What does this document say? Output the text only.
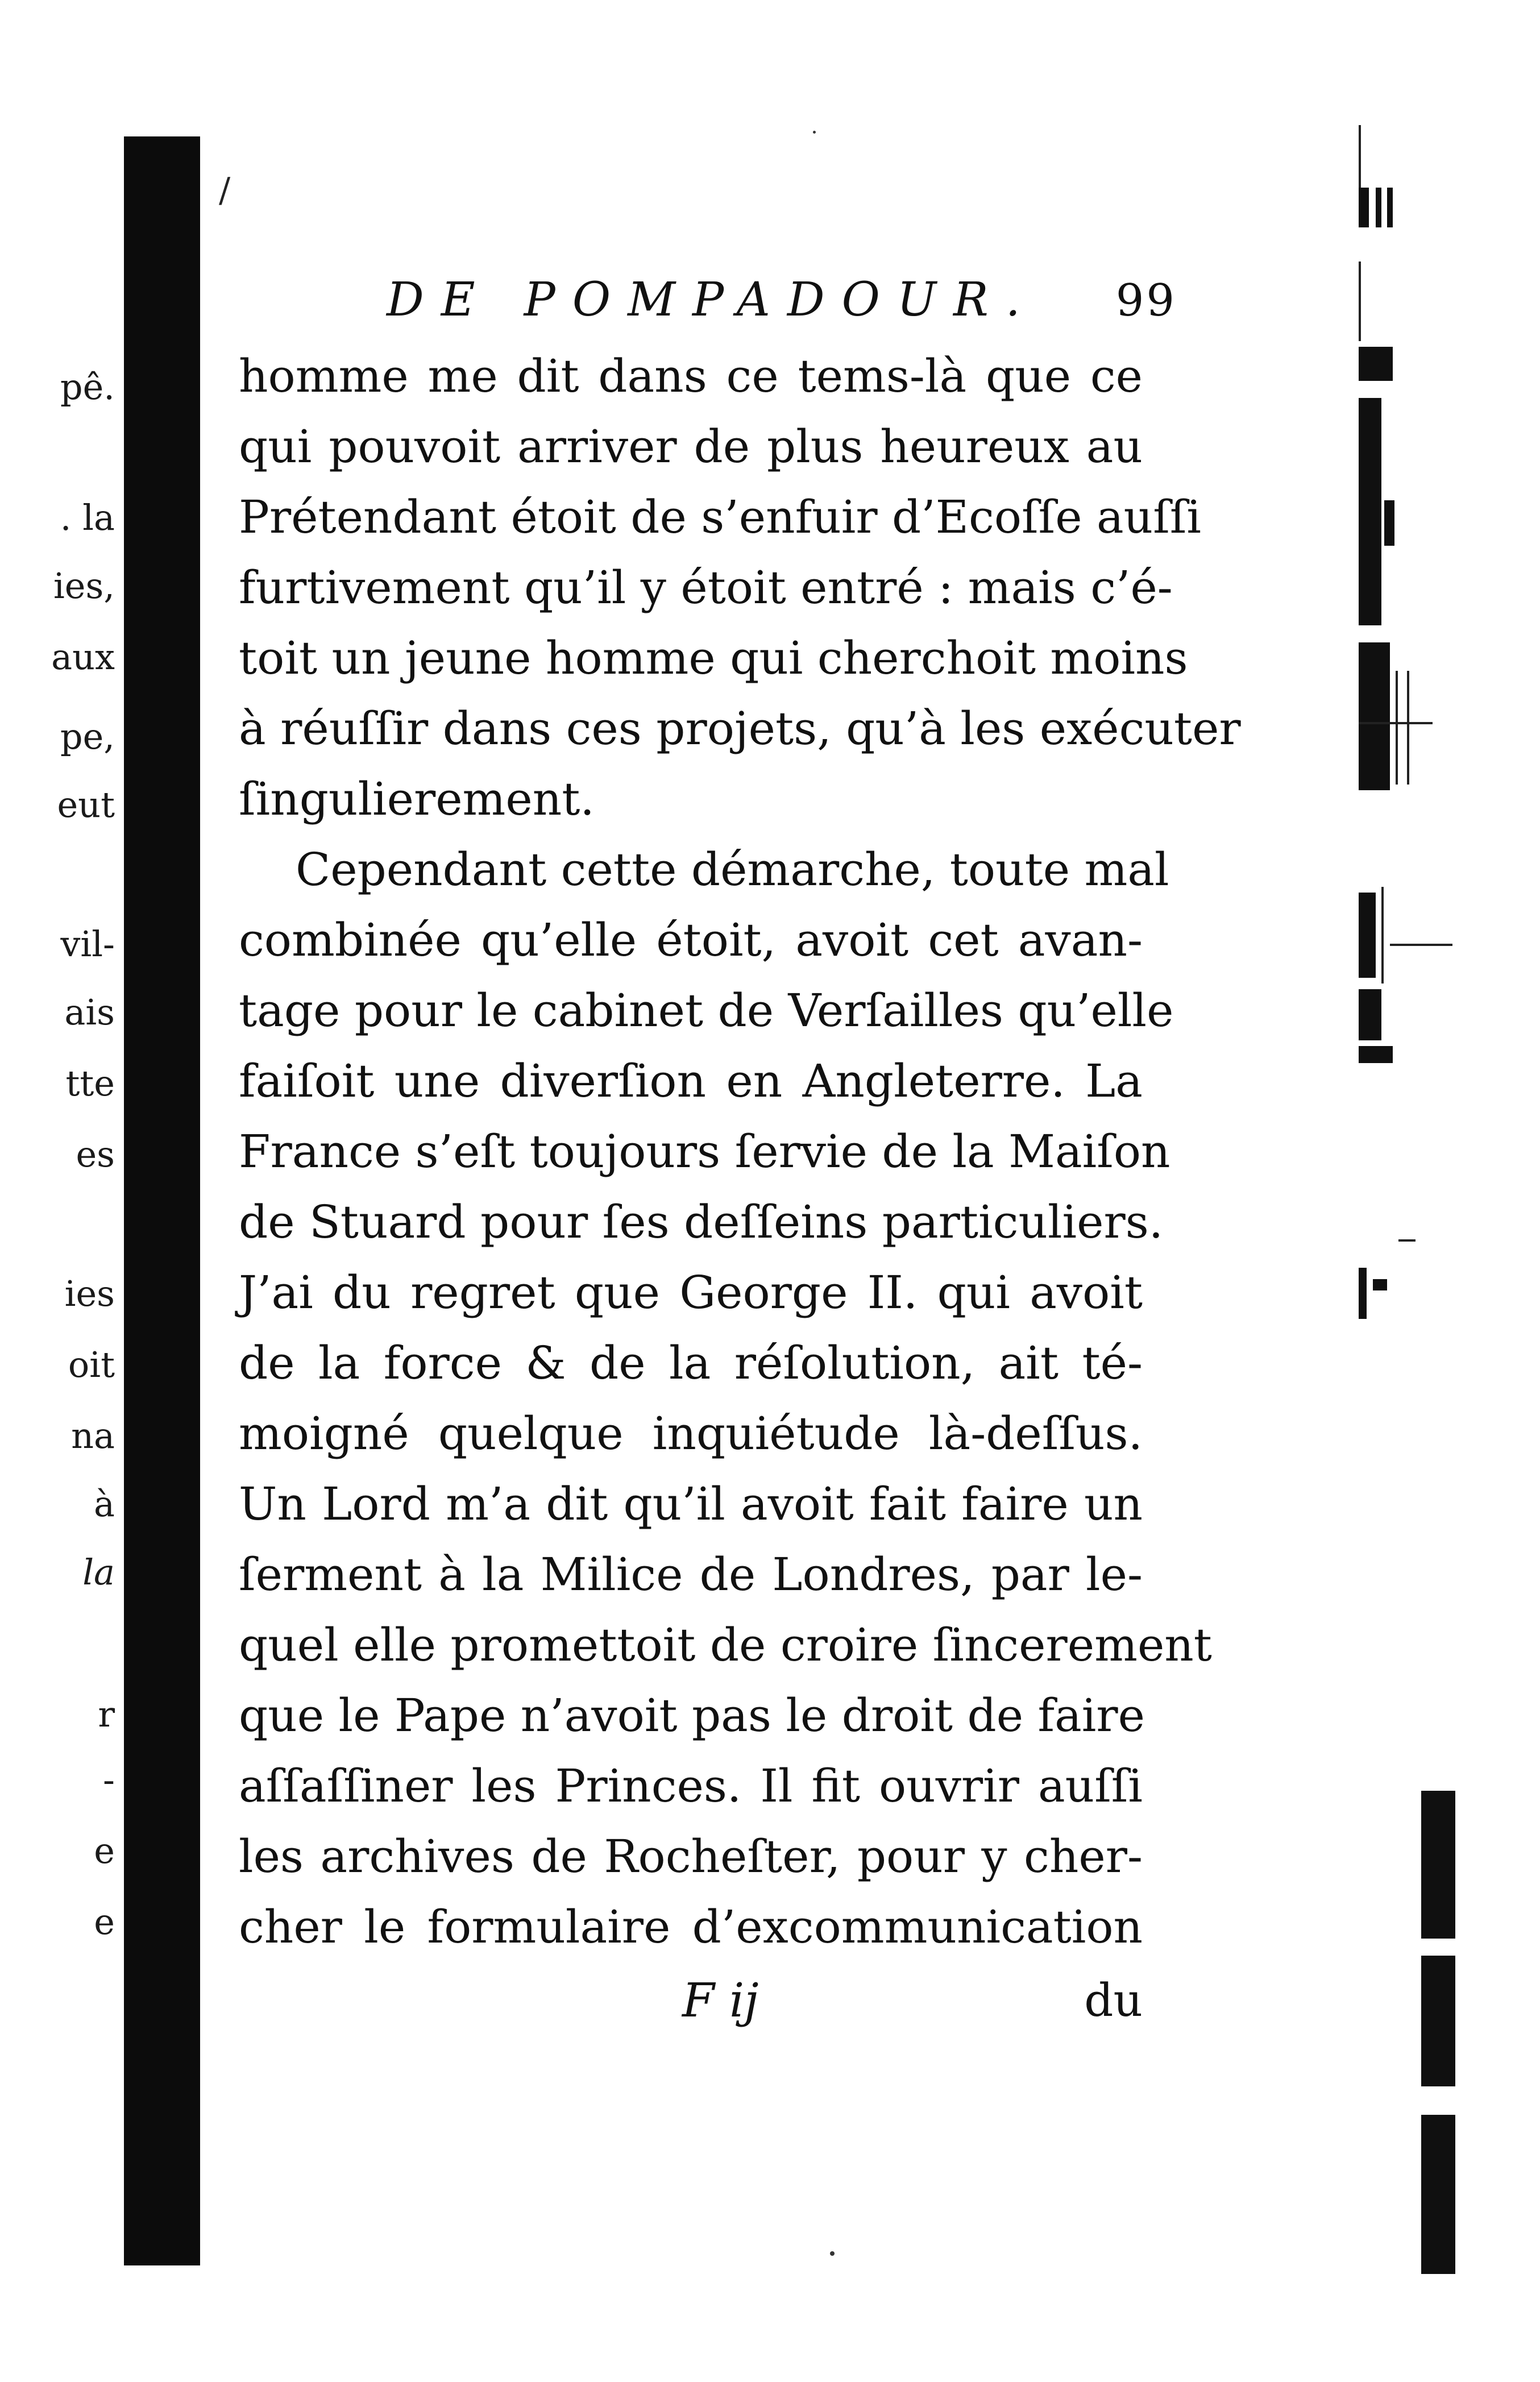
pê.
. la
ies,
aux
pe,
eut
vil-
ais
tte
es
ies
oit
na
à
la
r
-
e
e
/
DE POMPADOUR. 99
homme me dit dans ce tems-là que ce
qui pouvoit arriver de plus heureux au
Prétendant étoit de s’enfuir d’Ecoſſe auſſi
furtivement qu’il y étoit entré : mais c’é-
toit un jeune homme qui cherchoit moins
à réuſſir dans ces projets, qu’à les exécuter
ſingulierement.
Cependant cette démarche, toute mal
combinée qu’elle étoit, avoit cet avan-
tage pour le cabinet de Verſailles qu’elle
faiſoit une diverſion en Angleterre. La
France s’eſt toujours ſervie de la Maiſon
de Stuard pour ſes deſſeins particuliers.
J’ai du regret que George II. qui avoit
de la force & de la réſolution, ait té-
moigné quelque inquiétude là-deſſus.
Un Lord m’a dit qu’il avoit fait faire un
ſerment à la Milice de Londres, par le-
quel elle promettoit de croire ſincerement
que le Pape n’avoit pas le droit de faire
aſſaſſiner les Princes. Il fit ouvrir auſſi
les archives de Rocheſter, pour y cher-
cher le formulaire d’excommunication
F ij	du
